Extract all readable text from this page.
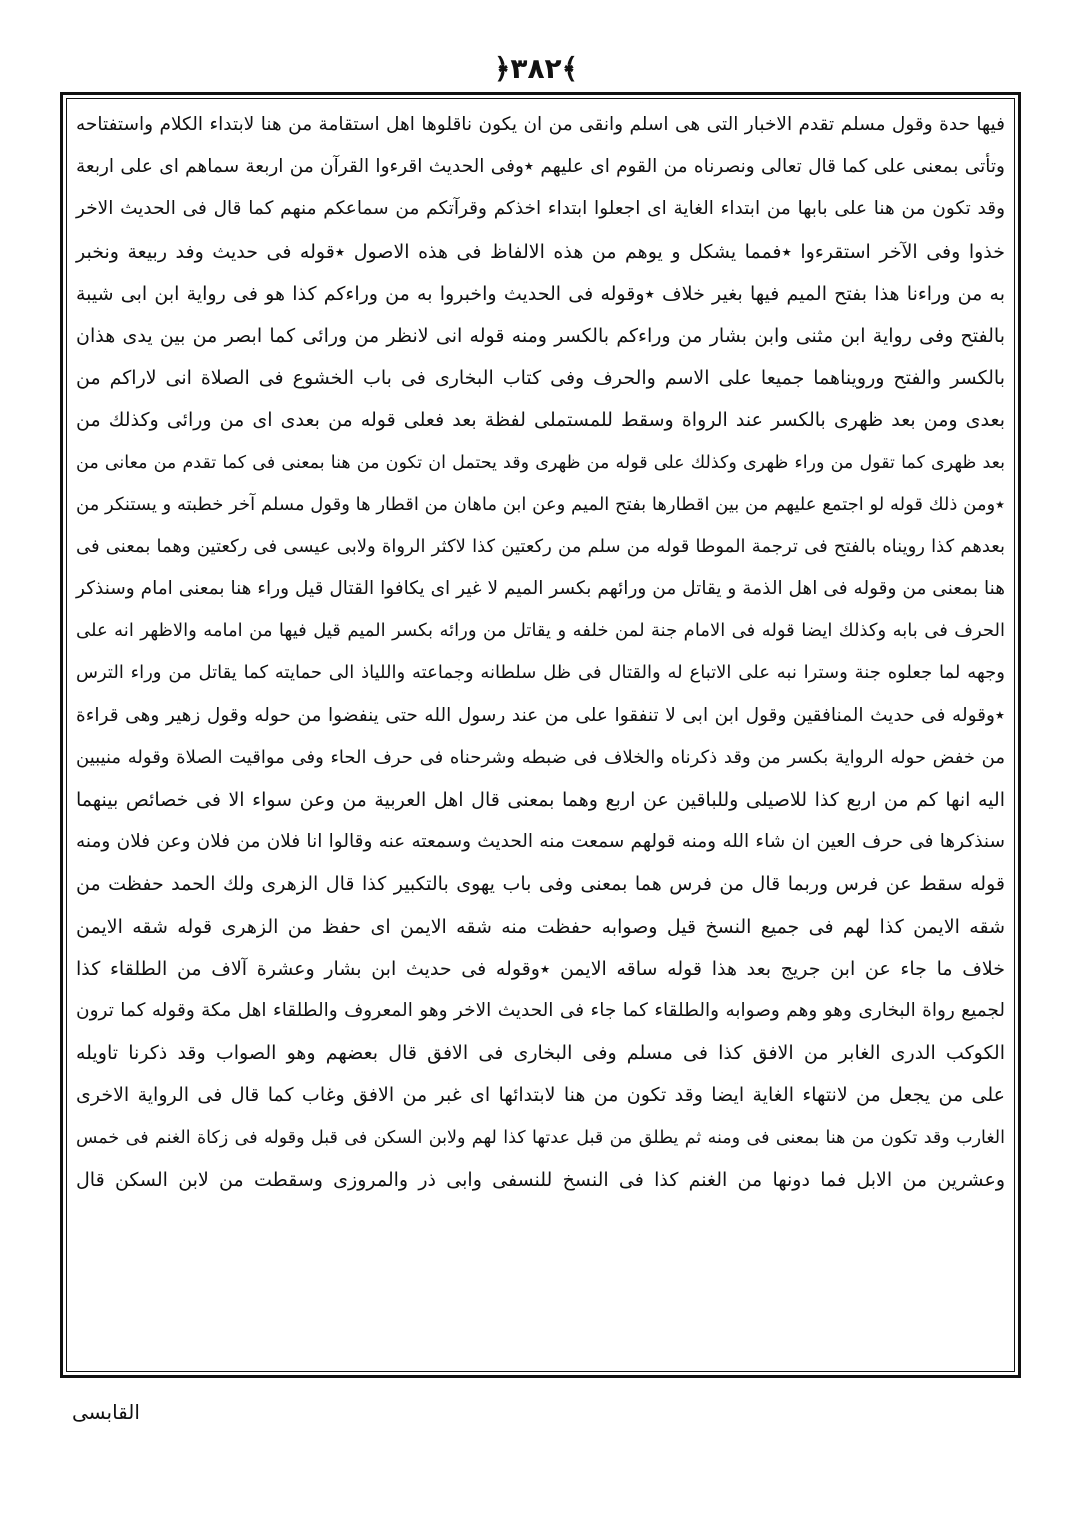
﴿٣٨٢﴾
فیها حدة وقول مسلم تقدم الاخبار التی هی اسلم وانقی من ان یکون ناقلوها اهل استقامة من هنا لابتداء الکلام واستفتاحه
وتأتی بمعنی علی کما قال تعالی ونصرناه من القوم ای علیهم ٭وفی الحدیث اقرءوا القرآن من اربعة سماهم ای علی اربعة
وقد تکون من هنا علی بابها من ابتداء الغایة ای اجعلوا ابتداء اخذکم وقرآتکم من سماعکم منهم کما قال فی الحدیث الاخر
خذوا وفی الآخر استقرءوا ٭فمما یشکل و یوهم من هذه الالفاظ فی هذه الاصول ٭قوله فی حدیث وفد ربیعة ونخبر
به من وراءنا هذا بفتح المیم فیها بغیر خلاف ٭وقوله فی الحدیث واخبروا به من وراءکم کذا هو فی روایة ابن ابی شیبة
بالفتح وفی روایة ابن مثنی وابن بشار من وراءکم بالکسر ومنه قوله انی لانظر من ورائی کما ابصر من بین یدی هذان
بالکسر والفتح ورویناهما جمیعا علی الاسم والحرف وفی کتاب البخاری فی باب الخشوع فی الصلاة انی لاراکم من
بعدی ومن بعد ظهری بالکسر عند الرواة وسقط للمستملی لفظة بعد فعلی قوله من بعدی ای من ورائی وکذلك من
بعد ظهری کما تقول من وراء ظهری وکذلك علی قوله من ظهری وقد یحتمل ان تکون من هنا بمعنی فی کما تقدم من معانی من
٭ومن ذلك قوله لو اجتمع علیهم من بین اقطارها بفتح المیم وعن ابن ماهان من اقطار ها وقول مسلم آخر خطبته و یستنکر من
بعدهم کذا رویناه بالفتح فی ترجمة الموطا قوله من سلم من رکعتین کذا لاکثر الرواة ولابی عیسی فی رکعتین وهما بمعنی فی
هنا بمعنی من وقوله فی اهل الذمة و یقاتل من ورائهم بکسر المیم لا غیر ای یکافوا القتال قیل وراء هنا بمعنی امام وسنذکر
الحرف فی بابه وکذلك ایضا قوله فی الامام جنة لمن خلفه و یقاتل من ورائه بکسر المیم قیل فیها من امامه والاظهر انه علی
وجهه لما جعلوه جنة وسترا نبه علی الاتباع له والقتال فی ظل سلطانه وجماعته واللیاذ الی حمایته کما یقاتل من وراء الترس
٭وقوله فی حدیث المنافقین وقول ابن ابی لا تنفقوا علی من عند رسول الله حتی ینفضوا من حوله وقول زهیر وهی قراءة
من خفض حوله الروایة بکسر من وقد ذکرناه والخلاف فی ضبطه وشرحناه فی حرف الحاء وفی مواقیت الصلاة وقوله منیبین
الیه انها کم من اربع کذا للاصیلی وللباقین عن اربع وهما بمعنی قال اهل العربیة من وعن سواء الا فی خصائص بینهما
سنذکرها فی حرف العین ان شاء الله ومنه قولهم سمعت منه الحدیث وسمعته عنه وقالوا انا فلان من فلان وعن فلان ومنه
قوله سقط عن فرس وربما قال من فرس هما بمعنی وفی باب یهوی بالتکبیر کذا قال الزهری ولك الحمد حفظت من
شقه الایمن کذا لهم فی جمیع النسخ قیل وصوابه حفظت منه شقه الایمن ای حفظ من الزهری قوله شقه الایمن
خلاف ما جاء عن ابن جریج بعد هذا قوله ساقه الایمن ٭وقوله فی حدیث ابن بشار وعشرة آلاف من الطلقاء کذا
لجمیع رواة البخاری وهو وهم وصوابه والطلقاء کما جاء فی الحدیث الاخر وهو المعروف والطلقاء اهل مکة وقوله کما ترون
الکوکب الدری الغابر من الافق کذا فی مسلم وفی البخاری فی الافق قال بعضهم وهو الصواب وقد ذکرنا تاویله
علی من یجعل من لانتهاء الغایة ایضا وقد تکون من هنا لابتدائها ای غبر من الافق وغاب کما قال فی الروایة الاخری
الغارب وقد تکون من هنا بمعنی فی ومنه ثم یطلق من قبل عدتها کذا لهم ولابن السکن فی قبل وقوله فی زکاة الغنم فی خمس
وعشرین من الابل فما دونها من الغنم کذا فی النسخ للنسفی وابی ذر والمروزی وسقطت من لابن السکن قال
القابسی
